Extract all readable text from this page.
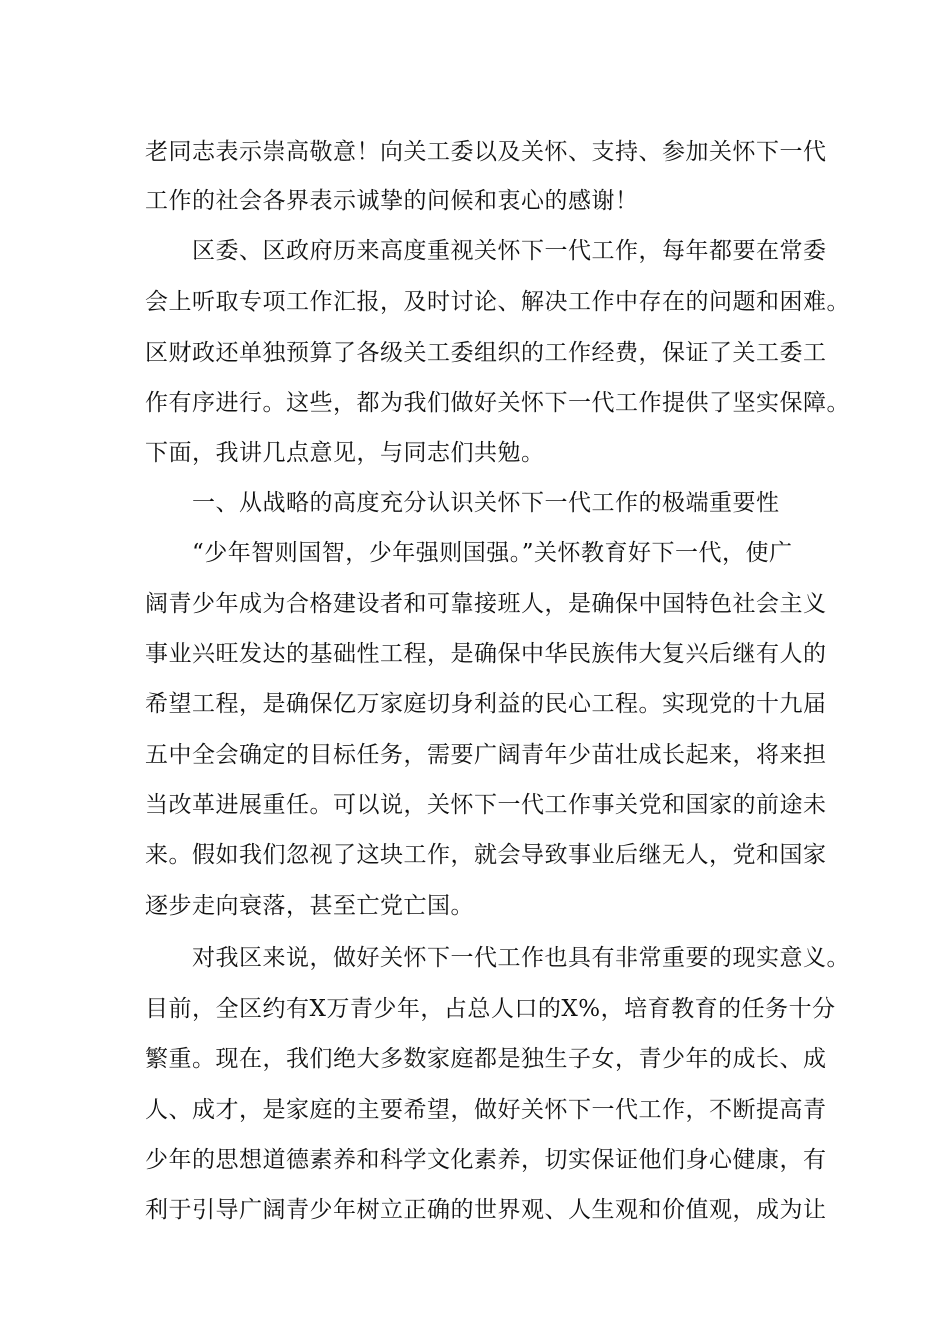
老同志表示崇高敬意！向关工委以及关怀、支持、参加关怀下一代

工作的社会各界表示诚挚的问候和衷心的感谢！

区委、区政府历来高度重视关怀下一代工作，每年都要在常委

会上听取专项工作汇报，及时讨论、解决工作中存在的问题和困难。

区财政还单独预算了各级关工委组织的工作经费，保证了关工委工

作有序进行。这些，都为我们做好关怀下一代工作提供了坚实保障。

下面，我讲几点意见，与同志们共勉。

一、从战略的高度充分认识关怀下一代工作的极端重要性

“少年智则国智，少年强则国强。”关怀教育好下一代，使广

阔青少年成为合格建设者和可靠接班人，是确保中国特色社会主义

事业兴旺发达的基础性工程，是确保中华民族伟大复兴后继有人的

希望工程，是确保亿万家庭切身利益的民心工程。实现党的十九届

五中全会确定的目标任务，需要广阔青年少苗壮成长起来，将来担

当改革进展重任。可以说，关怀下一代工作事关党和国家的前途未

来。假如我们忽视了这块工作，就会导致事业后继无人，党和国家

逐步走向衰落，甚至亡党亡国。

对我区来说，做好关怀下一代工作也具有非常重要的现实意义。

目前，全区约有X万青少年，占总人口的X%，培育教育的任务十分

繁重。现在，我们绝大多数家庭都是独生子女，青少年的成长、成

人、成才，是家庭的主要希望，做好关怀下一代工作，不断提高青

少年的思想道德素养和科学文化素养，切实保证他们身心健康，有

利于引导广阔青少年树立正确的世界观、人生观和价值观，成为让
